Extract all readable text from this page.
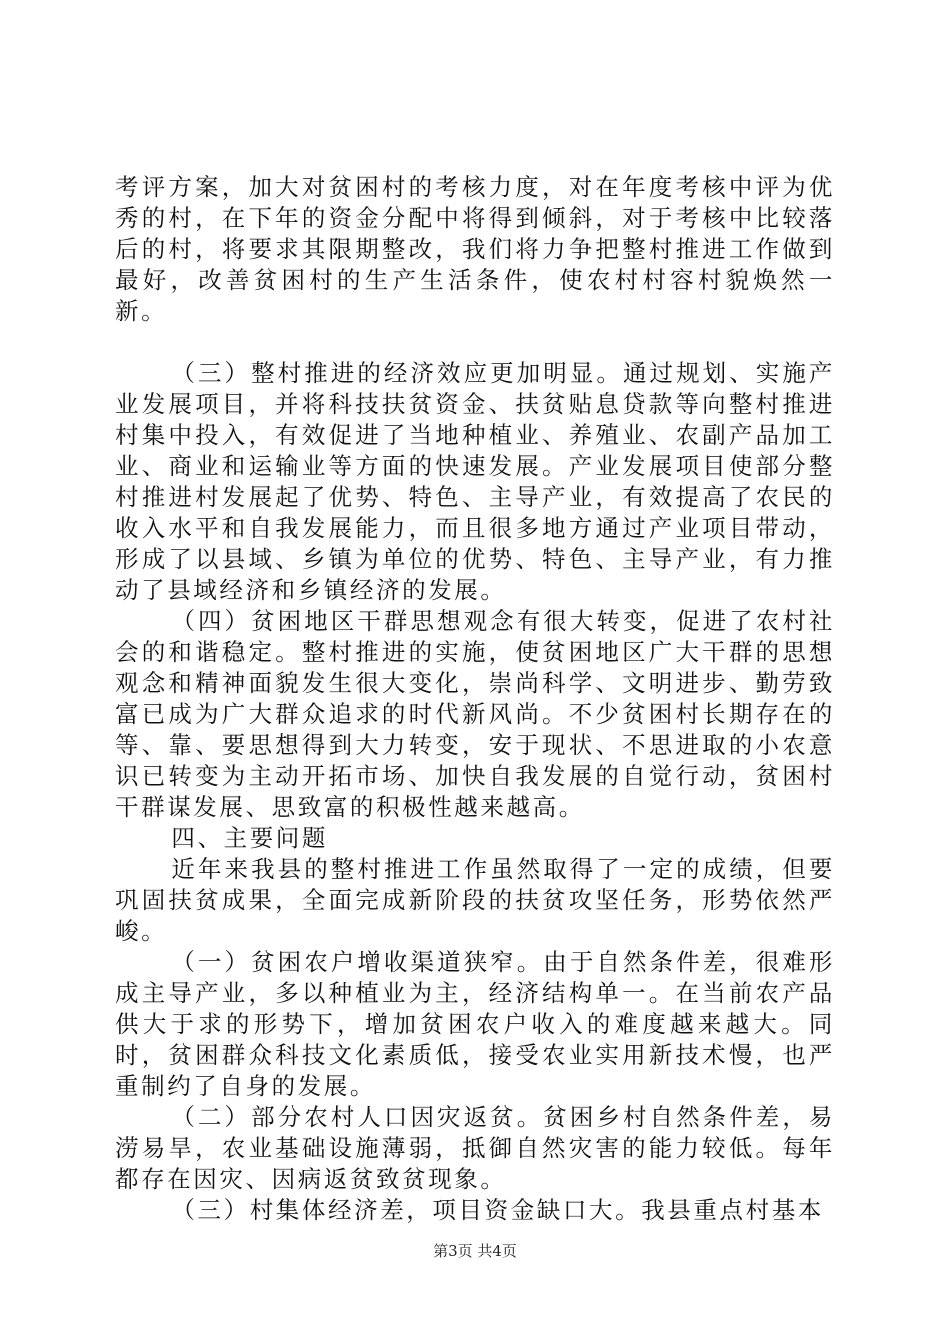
考评方案，加大对贫困村的考核力度，对在年度考核中评为优秀的村，在下年的资金分配中将得到倾斜，对于考核中比较落后的村，将要求其限期整改，我们将力争把整村推进工作做到最好，改善贫困村的生产生活条件，使农村村容村貌焕然一新。

（三）整村推进的经济效应更加明显。通过规划、实施产业发展项目，并将科技扶贫资金、扶贫贴息贷款等向整村推进村集中投入，有效促进了当地种植业、养殖业、农副产品加工业、商业和运输业等方面的快速发展。产业发展项目使部分整村推进村发展起了优势、特色、主导产业，有效提高了农民的收入水平和自我发展能力，而且很多地方通过产业项目带动，形成了以县域、乡镇为单位的优势、特色、主导产业，有力推动了县域经济和乡镇经济的发展。

（四）贫困地区干群思想观念有很大转变，促进了农村社会的和谐稳定。整村推进的实施，使贫困地区广大干群的思想观念和精神面貌发生很大变化，崇尚科学、文明进步、勤劳致富已成为广大群众追求的时代新风尚。不少贫困村长期存在的等、靠、要思想得到大力转变，安于现状、不思进取的小农意识已转变为主动开拓市场、加快自我发展的自觉行动，贫困村干群谋发展、思致富的积极性越来越高。

四、主要问题

近年来我县的整村推进工作虽然取得了一定的成绩，但要巩固扶贫成果，全面完成新阶段的扶贫攻坚任务，形势依然严峻。

（一）贫困农户增收渠道狭窄。由于自然条件差，很难形成主导产业，多以种植业为主，经济结构单一。在当前农产品供大于求的形势下，增加贫困农户收入的难度越来越大。同时，贫困群众科技文化素质低，接受农业实用新技术慢，也严重制约了自身的发展。

（二）部分农村人口因灾返贫。贫困乡村自然条件差，易涝易旱，农业基础设施薄弱，抵御自然灾害的能力较低。每年都存在因灾、因病返贫致贫现象。

（三）村集体经济差，项目资金缺口大。我县重点村基本

第3页 共4页
